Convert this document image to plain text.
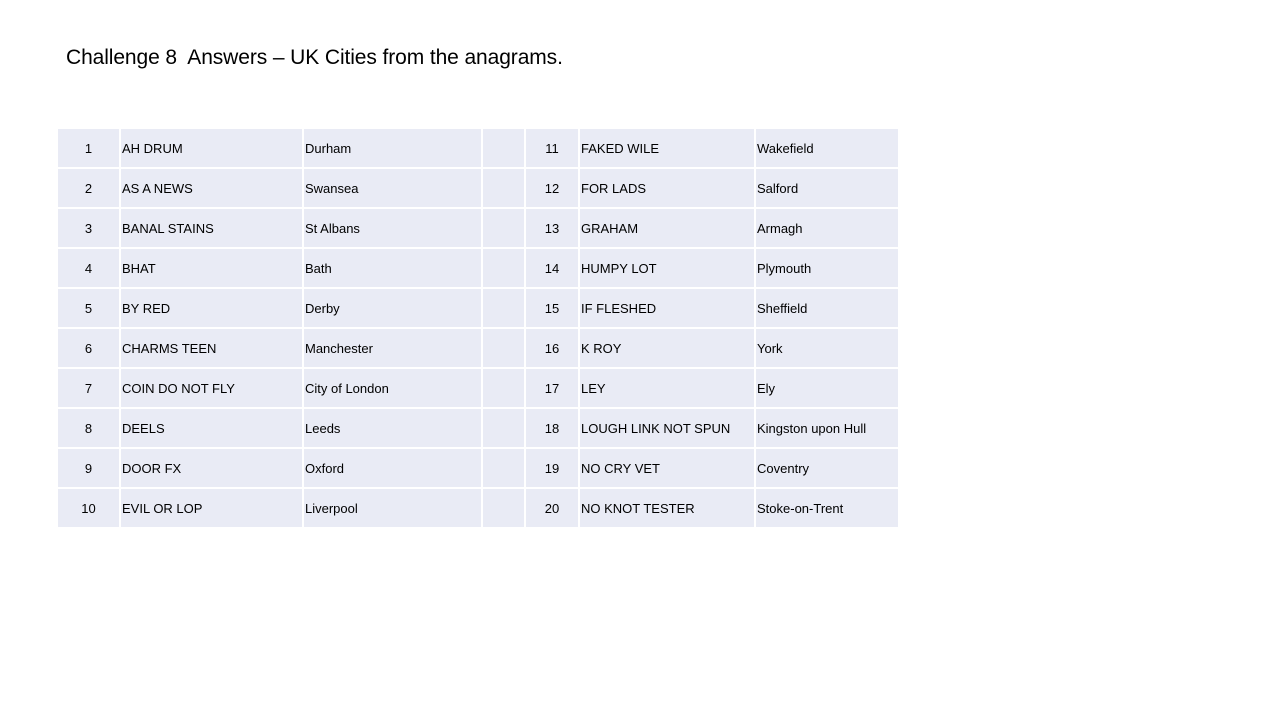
Challenge 8  Answers – UK Cities from the anagrams.
1	AH DRUM	Durham		11	FAKED WILE	Wakefield
2	AS A NEWS	Swansea		12	FOR LADS	Salford
3	BANAL STAINS	St Albans		13	GRAHAM	Armagh
4	BHAT	Bath		14	HUMPY LOT	Plymouth
5	BY RED	Derby		15	IF FLESHED	Sheffield
6	CHARMS TEEN	Manchester		16	K ROY	York
7	COIN DO NOT FLY	City of London		17	LEY	Ely
8	DEELS	Leeds		18	LOUGH LINK NOT SPUN	Kingston upon Hull
9	DOOR FX	Oxford		19	NO CRY VET	Coventry
10	EVIL OR LOP	Liverpool		20	NO KNOT TESTER	Stoke-on-Trent
